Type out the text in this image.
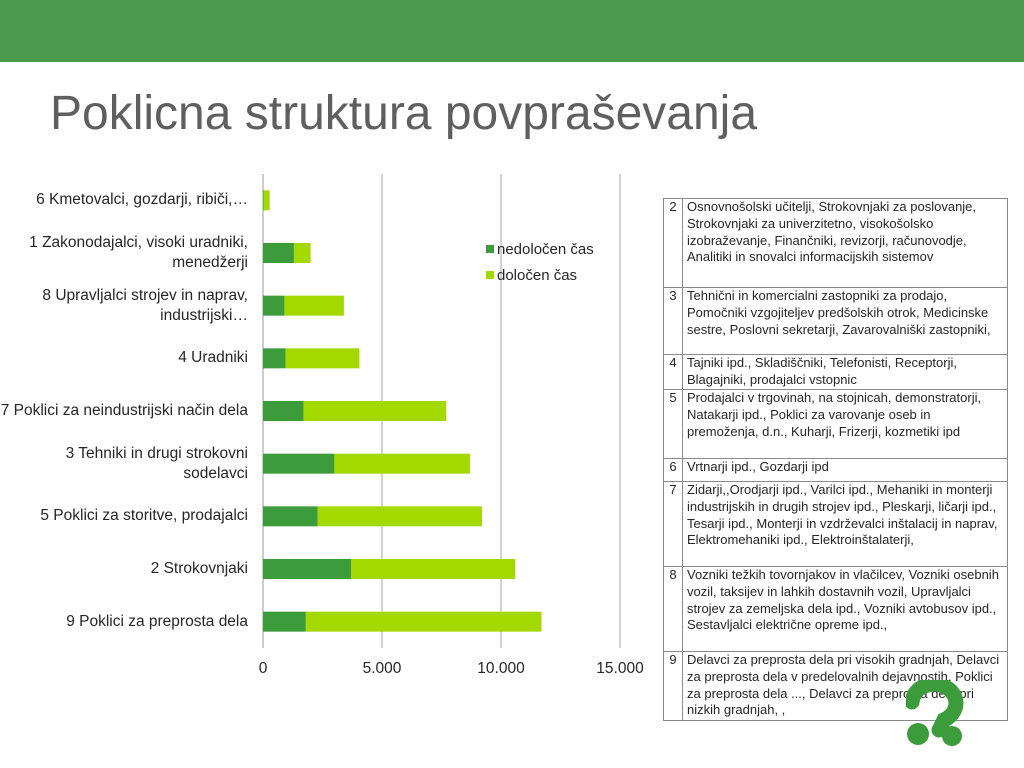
Poklicna struktura povpraševanja
6 Kmetovalci, gozdarji, ribiči,…
1 Zakonodajalci, visoki uradniki, menedžerji
8 Upravljalci strojev in naprav, industrijski…
4 Uradniki
7 Poklici za neindustrijski način dela
3 Tehniki in drugi strokovni sodelavci
5 Poklici za storitve, prodajalci
2 Strokovnjaki
9 Poklici za preprosta dela
0	5.000	10.000	15.000
nedoločen čas
določen čas
2	Osnovnošolski učitelji, Strokovnjaki za poslovanje, Strokovnjaki za univerzitetno, visokošolsko izobraževanje, Finančniki, revizorji, računovodje, Analitiki in snovalci informacijskih sistemov

3	Tehnični in komercialni zastopniki za prodajo, Pomočniki vzgojiteljev predšolskih otrok, Medicinske sestre, Poslovni sekretarji, Zavarovalniški zastopniki,

4	Tajniki ipd., Skladiščniki, Telefonisti, Receptorji, Blagajniki, prodajalci vstopnic

5	Prodajalci v trgovinah, na stojnicah, demonstratorji, Natakarji ipd., Poklici za varovanje oseb in premoženja, d.n., Kuharji, Frizerji, kozmetiki ipd

6	Vrtnarji ipd., Gozdarji ipd

7	Zidarji,,Orodjarji ipd., Varilci ipd., Mehaniki in monterji industrijskih in drugih strojev ipd., Pleskarji, ličarji ipd., Tesarji ipd., Monterji in vzdrževalci inštalacij in naprav, Elektromehaniki ipd., Elektroinštalaterji,

8	Vozniki težkih tovornjakov in vlačilcev, Vozniki osebnih vozil, taksijev in lahkih dostavnih vozil, Upravljalci strojev za zemeljska dela ipd., Vozniki avtobusov ipd., Sestavljalci električne opreme ipd.,

9	Delavci za preprosta dela pri visokih gradnjah, Delavci za preprosta dela v predelovalnih dejavnostih, Poklici za preprosta dela ..., Delavci za preprosta dela pri nizkih gradnjah, ,
